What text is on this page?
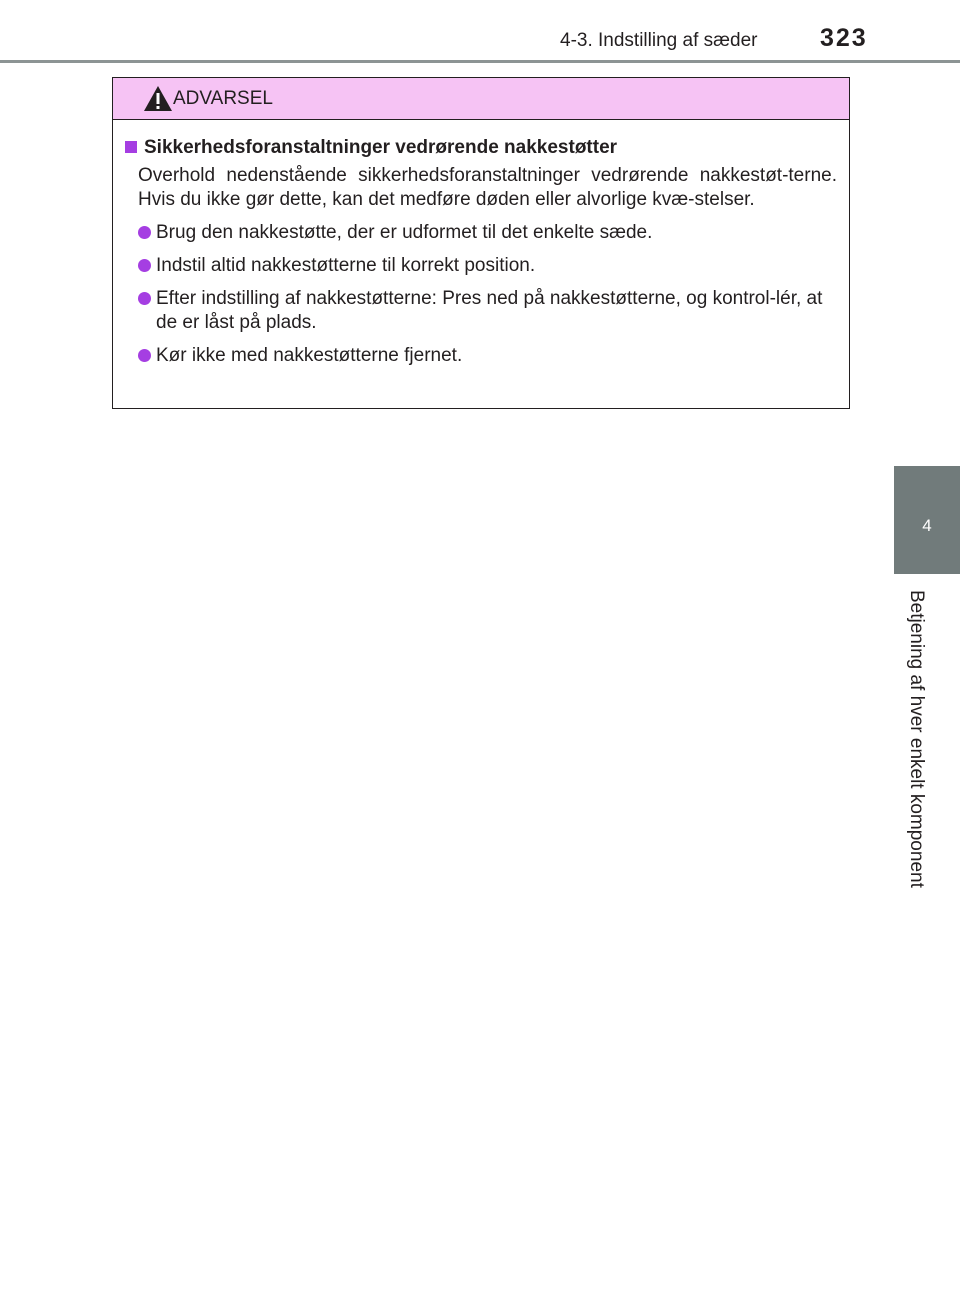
4-3. Indstilling af sæder	323
4
Betjening af hver enkelt komponent
ADVARSEL
Sikkerhedsforanstaltninger vedrørende nakkestøtter
Overhold nedenstående sikkerhedsforanstaltninger vedrørende nakkestøt-terne. Hvis du ikke gør dette, kan det medføre døden eller alvorlige kvæ-stelser.
Brug den nakkestøtte, der er udformet til det enkelte sæde.
Indstil altid nakkestøtterne til korrekt position.
Efter indstilling af nakkestøtterne: Pres ned på nakkestøtterne, og kontrol-lér, at de er låst på plads.
Kør ikke med nakkestøtterne fjernet.
